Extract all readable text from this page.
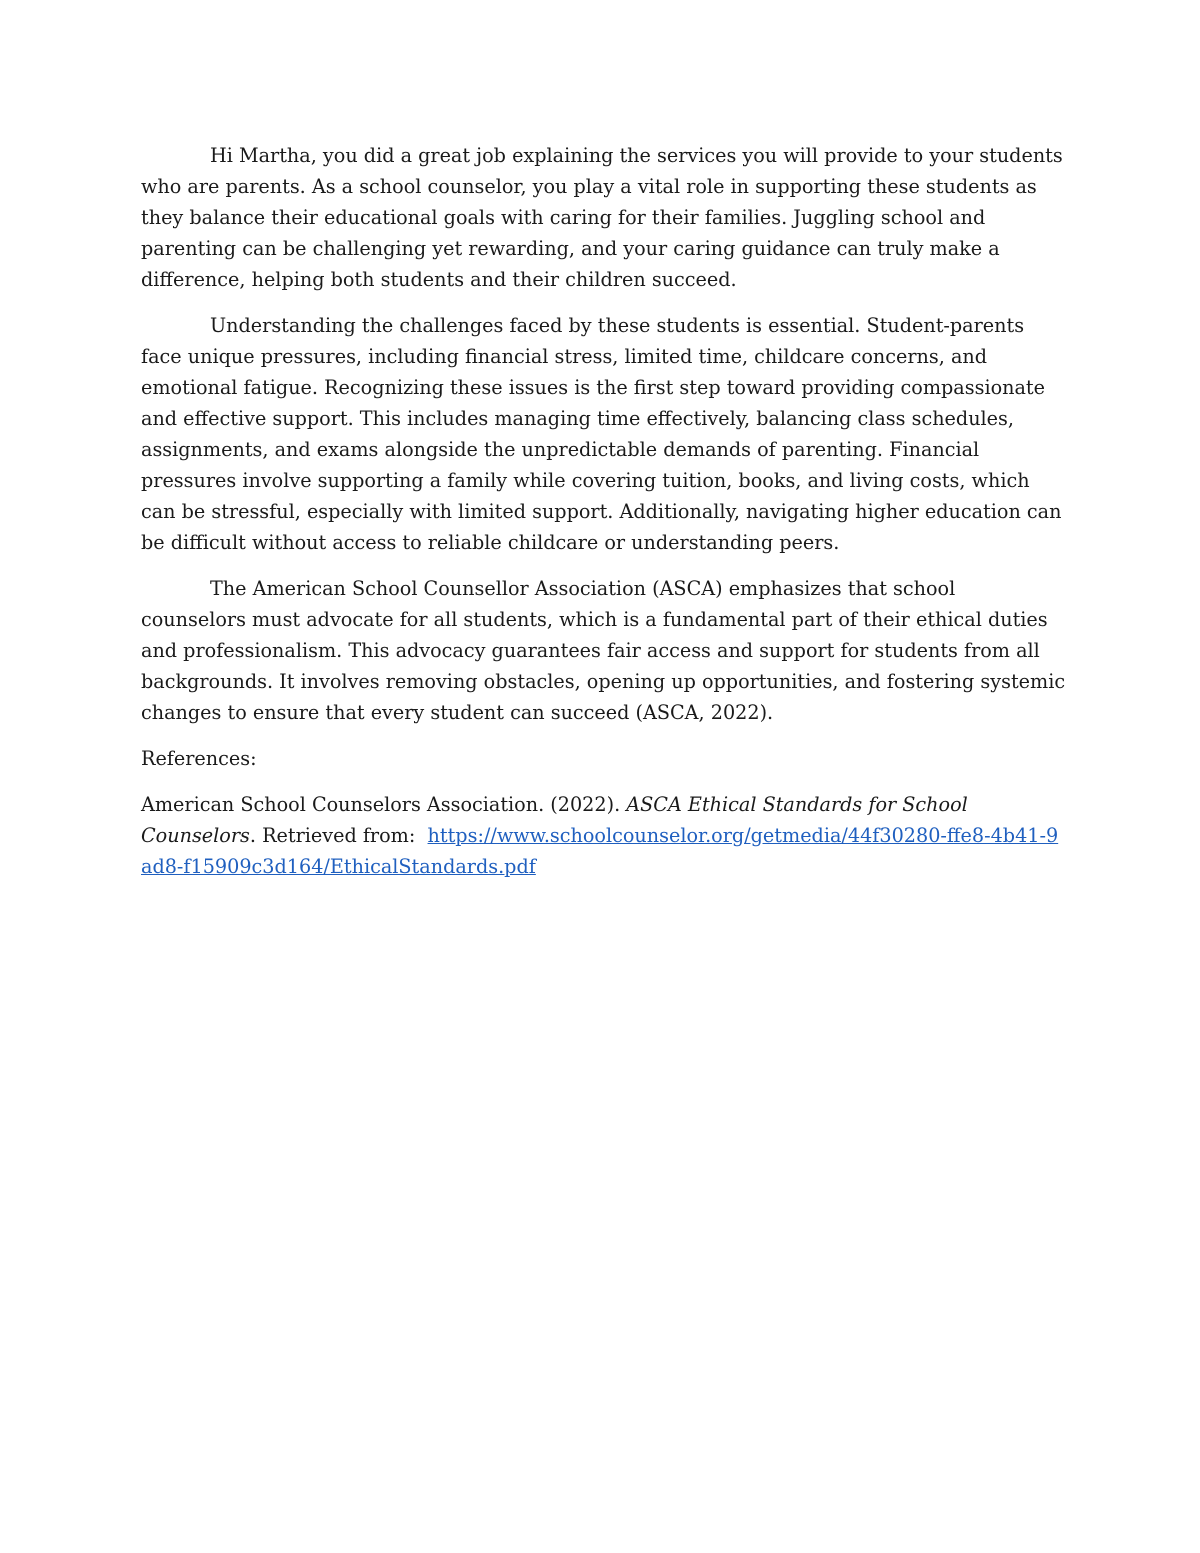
Hi Martha, you did a great job explaining the services you will provide to your students who are parents. As a school counselor, you play a vital role in supporting these students as they balance their educational goals with caring for their families. Juggling school and parenting can be challenging yet rewarding, and your caring guidance can truly make a difference, helping both students and their children succeed.

Understanding the challenges faced by these students is essential. Student-parents face unique pressures, including financial stress, limited time, childcare concerns, and emotional fatigue. Recognizing these issues is the first step toward providing compassionate and effective support. This includes managing time effectively, balancing class schedules, assignments, and exams alongside the unpredictable demands of parenting. Financial pressures involve supporting a family while covering tuition, books, and living costs, which can be stressful, especially with limited support. Additionally, navigating higher education can be difficult without access to reliable childcare or understanding peers.

The American School Counsellor Association (ASCA) emphasizes that school counselors must advocate for all students, which is a fundamental part of their ethical duties and professionalism. This advocacy guarantees fair access and support for students from all backgrounds. It involves removing obstacles, opening up opportunities, and fostering systemic changes to ensure that every student can succeed (ASCA, 2022).

References:

American School Counselors Association. (2022). ASCA Ethical Standards for School Counselors. Retrieved from: https://www.schoolcounselor.org/getmedia/44f30280-ffe8-4b41-9ad8-f15909c3d164/EthicalStandards.pdf
